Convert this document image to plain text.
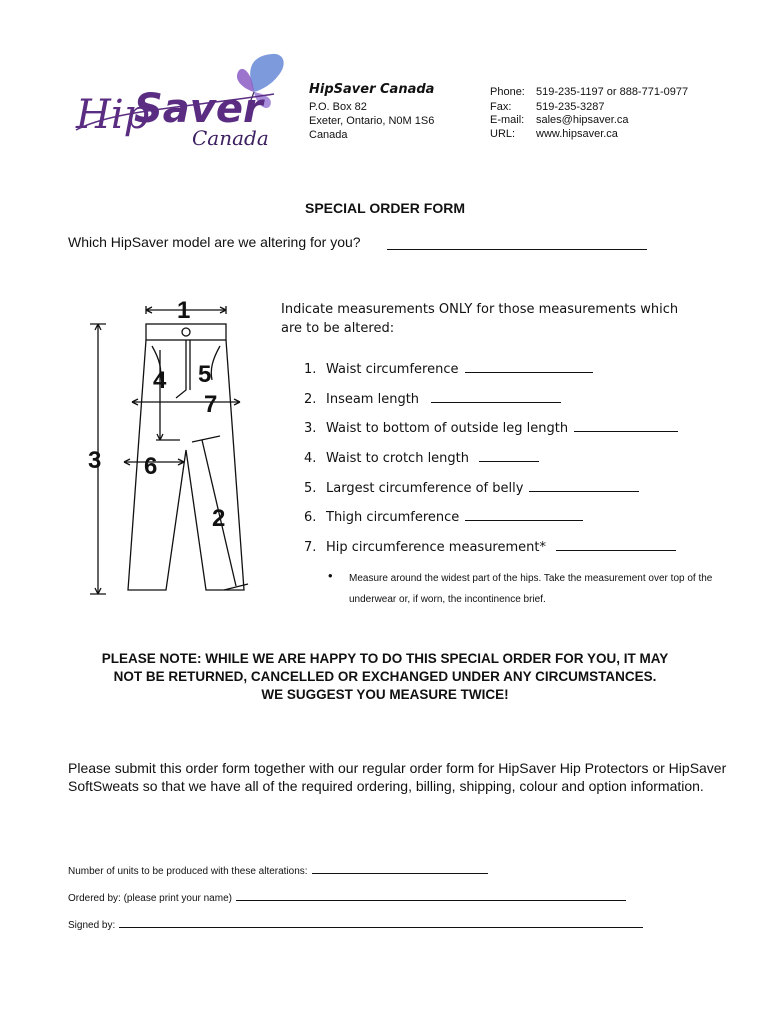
Hip
Saver
Canada
HipSaver Canada
P.O. Box 82
Exeter, Ontario, N0M 1S6
Canada
Phone: 519-235-1197 or 888-771-0977
Fax: 519-235-3287
E-mail: sales@hipsaver.ca
URL: www.hipsaver.ca
SPECIAL ORDER FORM
Which HipSaver model are we altering for you?
1
2
3
4 5
6
7
Indicate measurements ONLY for those measurements which are to be altered:
1. Waist circumference
2. Inseam length
3. Waist to bottom of outside leg length
4. Waist to crotch length
5. Largest circumference of belly
6. Thigh circumference
7. Hip circumference measurement*
• Measure around the widest part of the hips. Take the measurement over top of the underwear or, if worn, the incontinence brief.
PLEASE NOTE: WHILE WE ARE HAPPY TO DO THIS SPECIAL ORDER FOR YOU, IT MAY
NOT BE RETURNED, CANCELLED OR EXCHANGED UNDER ANY CIRCUMSTANCES.
WE SUGGEST YOU MEASURE TWICE!
Please submit this order form together with our regular order form for HipSaver Hip Protectors or HipSaver SoftSweats so that we have all of the required ordering, billing, shipping, colour and option information.
Number of units to be produced with these alterations:
Ordered by: (please print your name)
Signed by:
